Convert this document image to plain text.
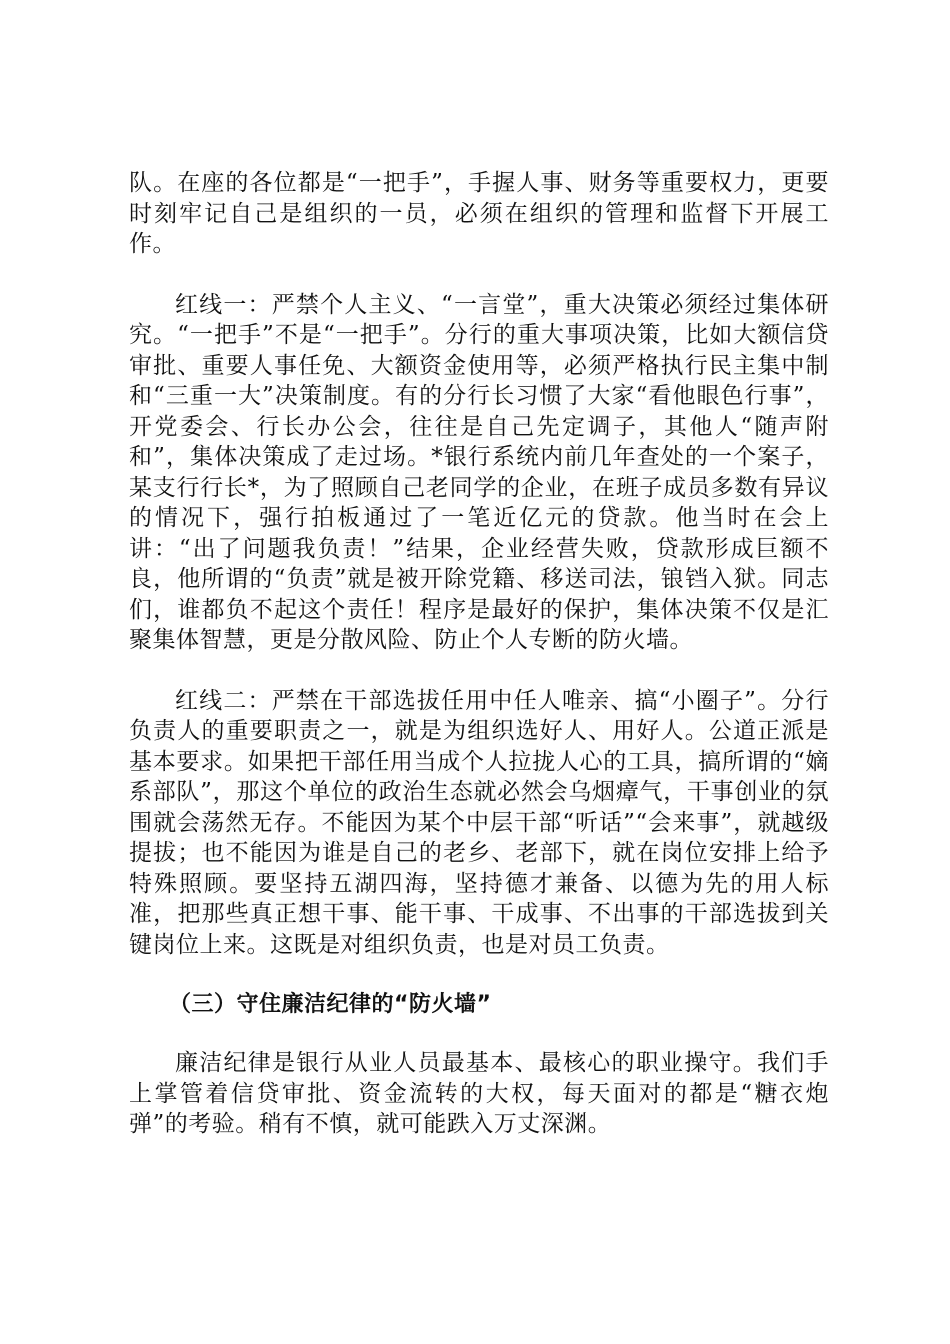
队。在座的各位都是“一把手”，手握人事、财务等重要权力，更要时刻牢记自己是组织的一员，必须在组织的管理和监督下开展工作。

红线一：严禁个人主义、“一言堂”，重大决策必须经过集体研究。“一把手”不是“一把手”。分行的重大事项决策，比如大额信贷审批、重要人事任免、大额资金使用等，必须严格执行民主集中制和“三重一大”决策制度。有的分行长习惯了大家“看他眼色行事”，开党委会、行长办公会，往往是自己先定调子，其他人“随声附和”，集体决策成了走过场。*银行系统内前几年查处的一个案子，某支行行长*，为了照顾自己老同学的企业，在班子成员多数有异议的情况下，强行拍板通过了一笔近亿元的贷款。他当时在会上讲：“出了问题我负责！”结果，企业经营失败，贷款形成巨额不良，他所谓的“负责”就是被开除党籍、移送司法，锒铛入狱。同志们，谁都负不起这个责任！程序是最好的保护，集体决策不仅是汇聚集体智慧，更是分散风险、防止个人专断的防火墙。

红线二：严禁在干部选拔任用中任人唯亲、搞“小圈子”。分行负责人的重要职责之一，就是为组织选好人、用好人。公道正派是基本要求。如果把干部任用当成个人拉拢人心的工具，搞所谓的“嫡系部队”，那这个单位的政治生态就必然会乌烟瘴气，干事创业的氛围就会荡然无存。不能因为某个中层干部“听话”“会来事”，就越级提拔；也不能因为谁是自己的老乡、老部下，就在岗位安排上给予特殊照顾。要坚持五湖四海，坚持德才兼备、以德为先的用人标准，把那些真正想干事、能干事、干成事、不出事的干部选拔到关键岗位上来。这既是对组织负责，也是对员工负责。

（三）守住廉洁纪律的“防火墙”

廉洁纪律是银行从业人员最基本、最核心的职业操守。我们手上掌管着信贷审批、资金流转的大权，每天面对的都是“糖衣炮弹”的考验。稍有不慎，就可能跌入万丈深渊。
